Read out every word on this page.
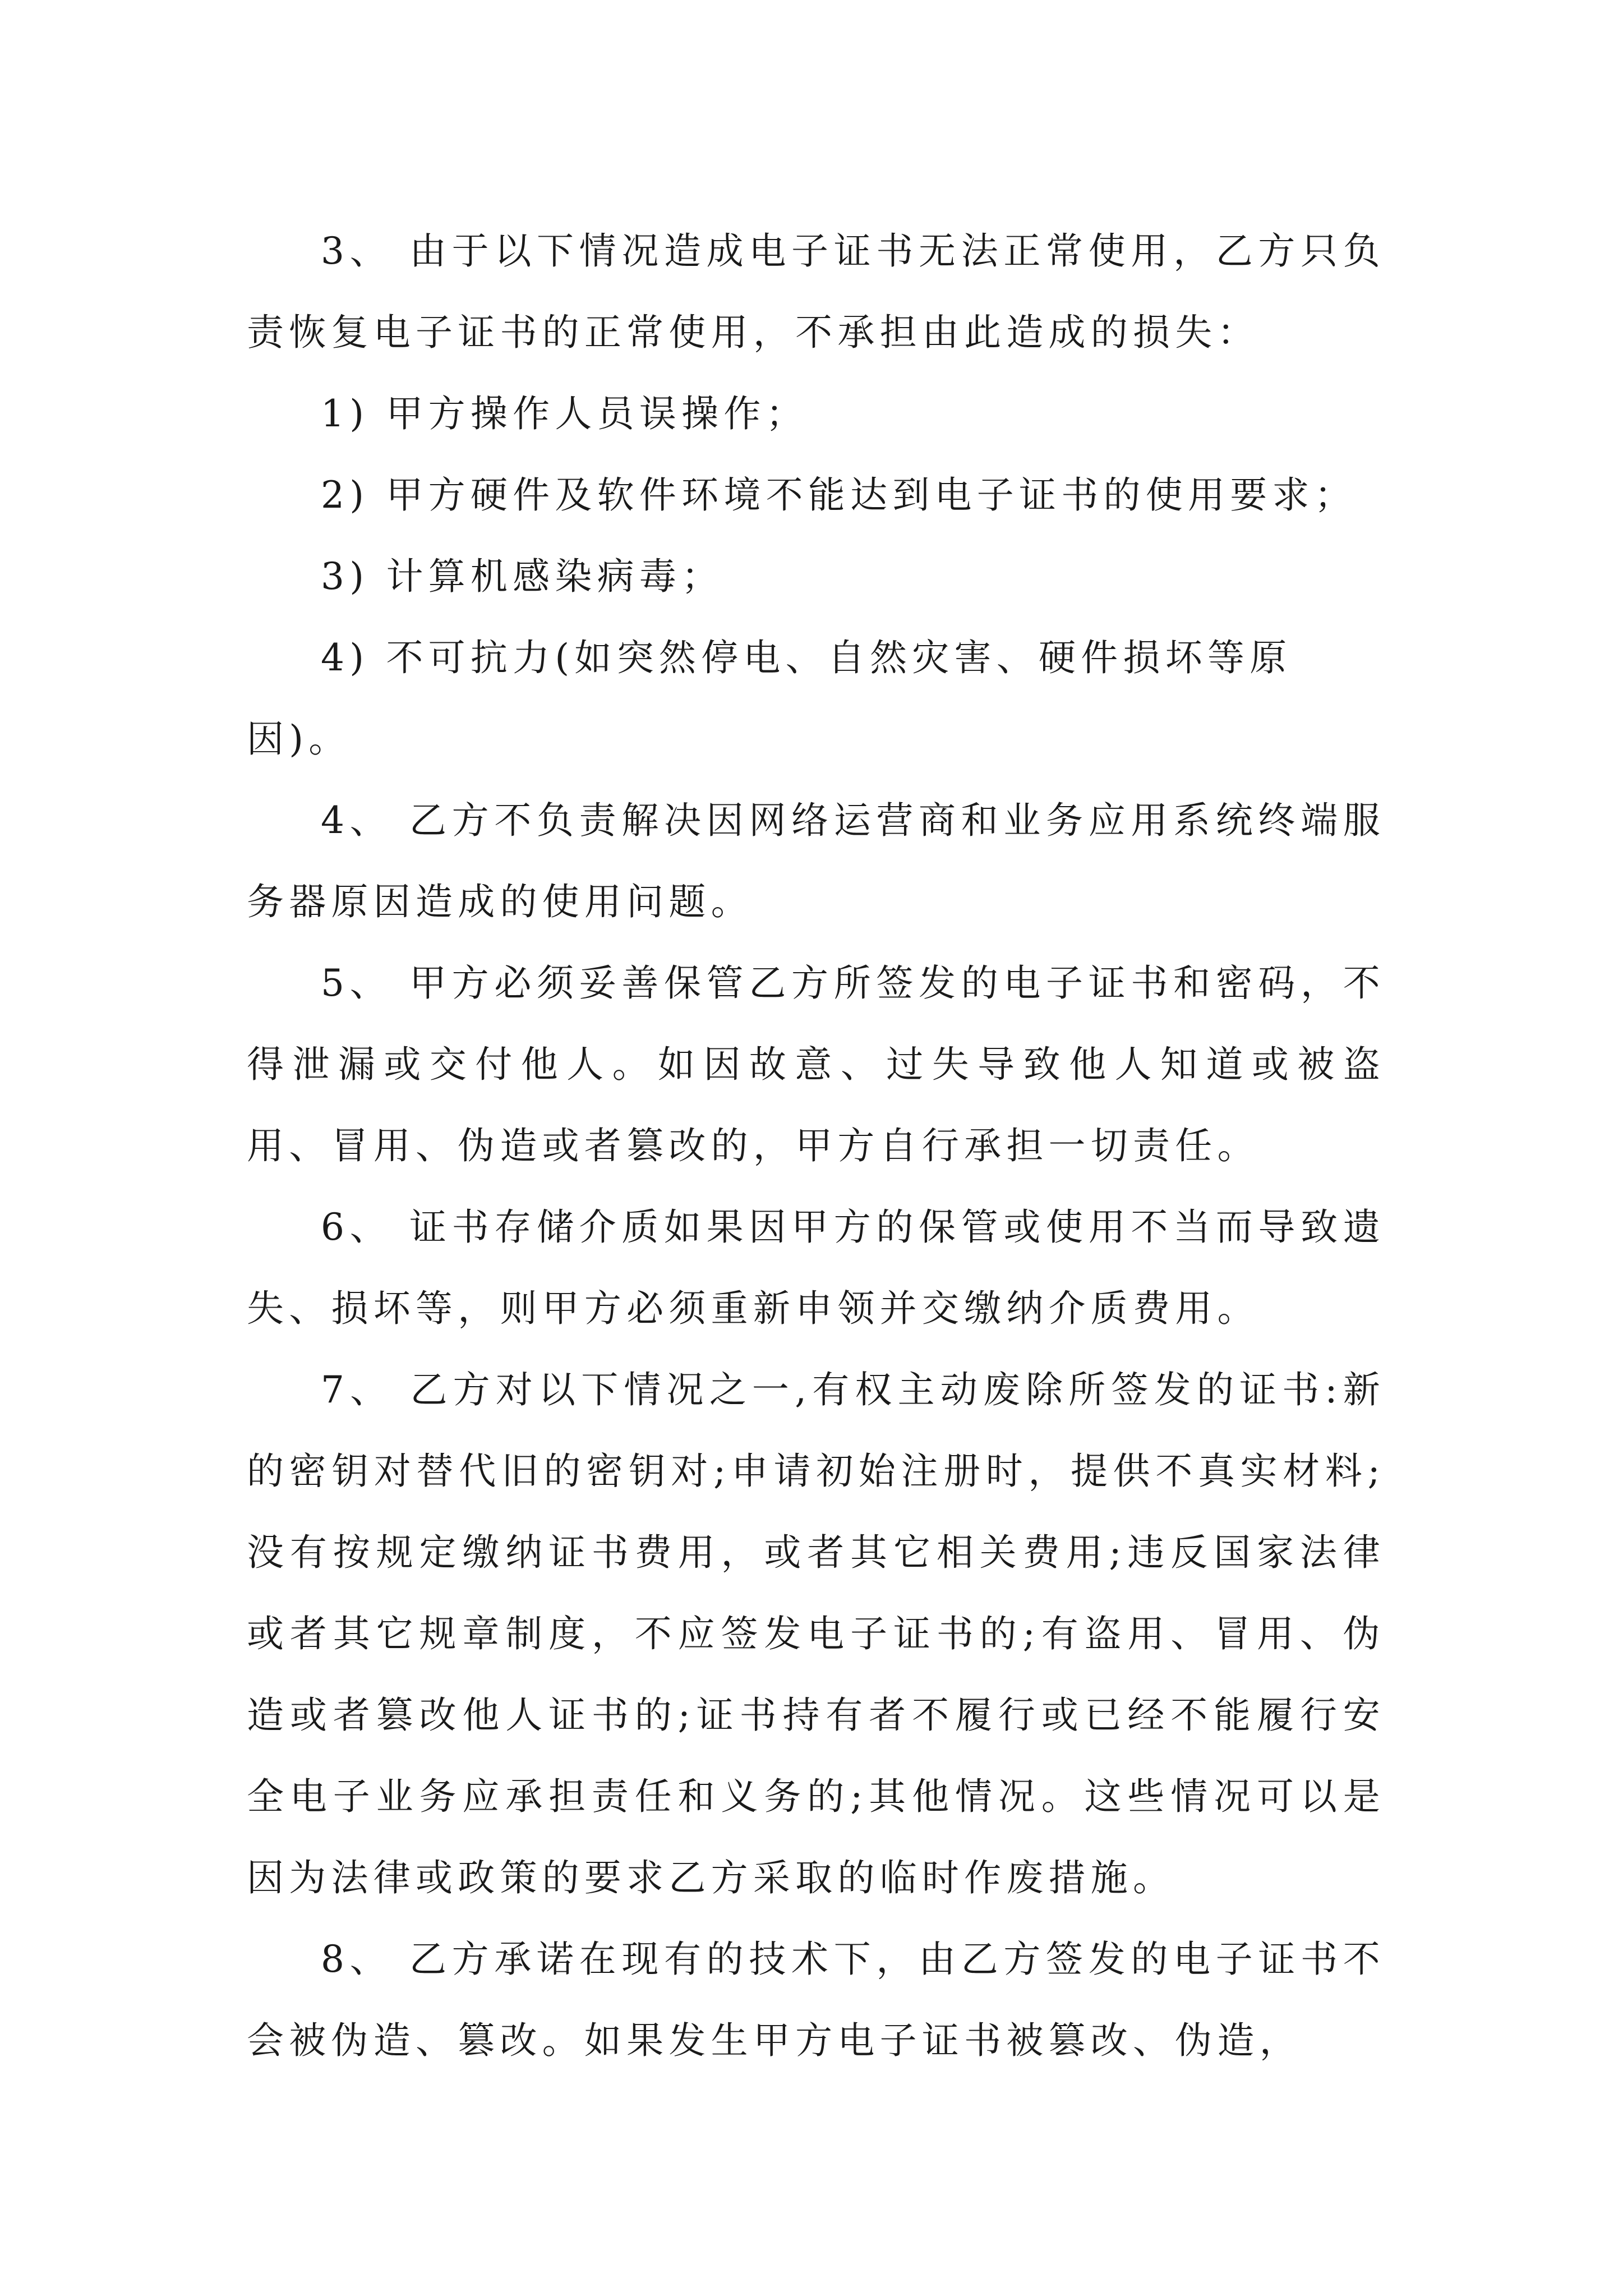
3、 由于以下情况造成电子证书无法正常使用，乙方只负责恢复电子证书的正常使用，不承担由此造成的损失：

1) 甲方操作人员误操作；

2) 甲方硬件及软件环境不能达到电子证书的使用要求；

3) 计算机感染病毒；

4) 不可抗力(如突然停电、自然灾害、硬件损坏等原因)。

4、 乙方不负责解决因网络运营商和业务应用系统终端服务器原因造成的使用问题。

5、 甲方必须妥善保管乙方所签发的电子证书和密码，不得泄漏或交付他人。如因故意、过失导致他人知道或被盗用、冒用、伪造或者篡改的，甲方自行承担一切责任。

6、 证书存储介质如果因甲方的保管或使用不当而导致遗失、损坏等，则甲方必须重新申领并交缴纳介质费用。

7、 乙方对以下情况之一,有权主动废除所签发的证书:新的密钥对替代旧的密钥对;申请初始注册时，提供不真实材料;没有按规定缴纳证书费用，或者其它相关费用;违反国家法律或者其它规章制度，不应签发电子证书的;有盗用、冒用、伪造或者篡改他人证书的;证书持有者不履行或已经不能履行安全电子业务应承担责任和义务的;其他情况。这些情况可以是因为法律或政策的要求乙方采取的临时作废措施。

8、 乙方承诺在现有的技术下，由乙方签发的电子证书不会被伪造、篡改。如果发生甲方电子证书被篡改、伪造，
